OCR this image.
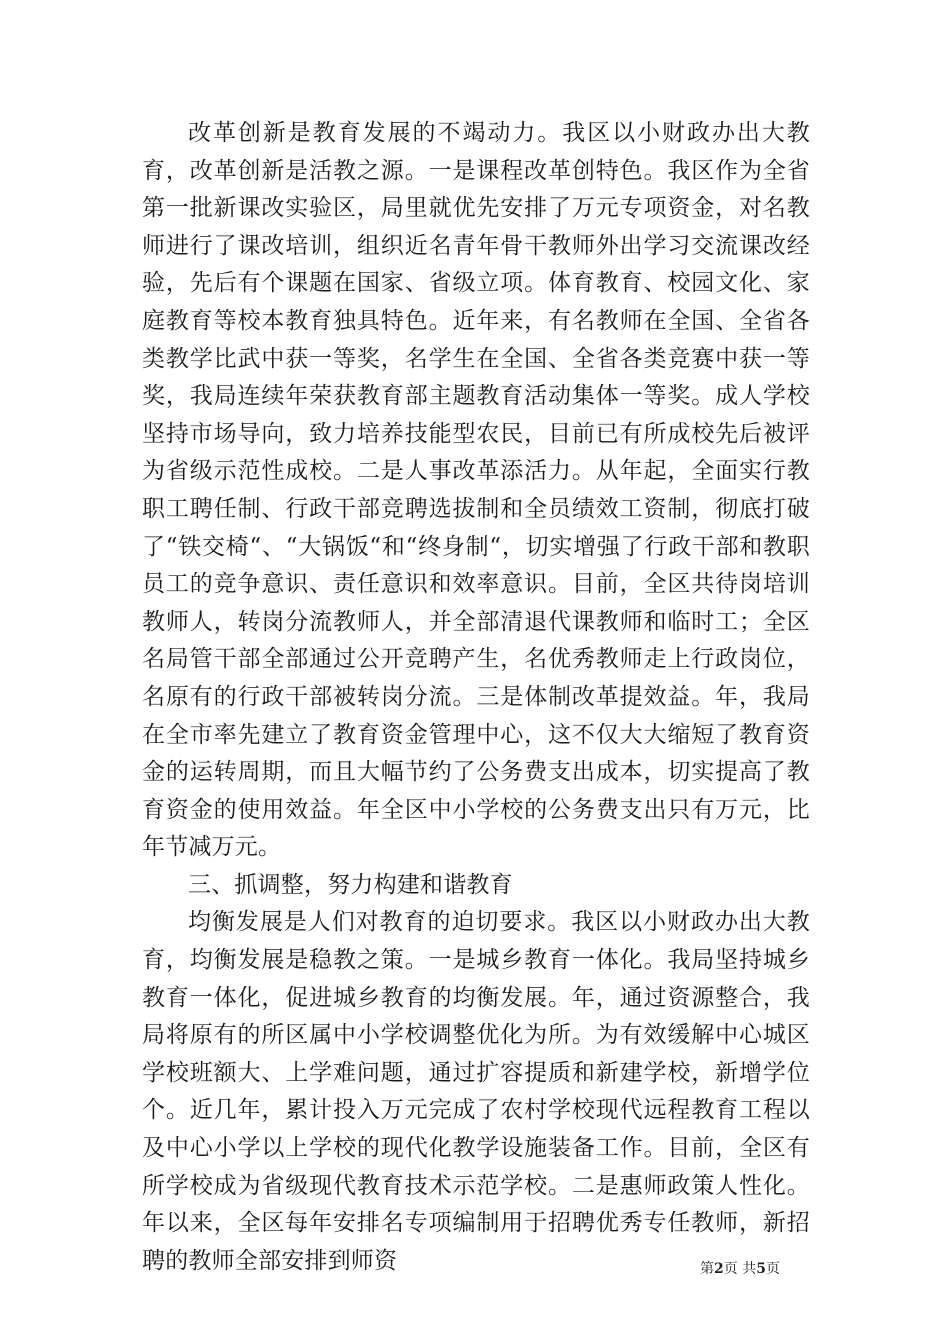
改革创新是教育发展的不竭动力。我区以小财政办出大教育，改革创新是活教之源。一是课程改革创特色。我区作为全省第一批新课改实验区，局里就优先安排了万元专项资金，对名教师进行了课改培训，组织近名青年骨干教师外出学习交流课改经验，先后有个课题在国家、省级立项。体育教育、校园文化、家庭教育等校本教育独具特色。近年来，有名教师在全国、全省各类教学比武中获一等奖，名学生在全国、全省各类竞赛中获一等奖，我局连续年荣获教育部主题教育活动集体一等奖。成人学校坚持市场导向，致力培养技能型农民，目前已有所成校先后被评为省级示范性成校。二是人事改革添活力。从年起，全面实行教职工聘任制、行政干部竞聘选拔制和全员绩效工资制，彻底打破了“铁交椅“、“大锅饭“和“终身制“，切实增强了行政干部和教职员工的竞争意识、责任意识和效率意识。目前，全区共待岗培训教师人，转岗分流教师人，并全部清退代课教师和临时工；全区名局管干部全部通过公开竞聘产生，名优秀教师走上行政岗位，名原有的行政干部被转岗分流。三是体制改革提效益。年，我局在全市率先建立了教育资金管理中心，这不仅大大缩短了教育资金的运转周期，而且大幅节约了公务费支出成本，切实提高了教育资金的使用效益。年全区中小学校的公务费支出只有万元，比年节减万元。

三、抓调整，努力构建和谐教育

均衡发展是人们对教育的迫切要求。我区以小财政办出大教育，均衡发展是稳教之策。一是城乡教育一体化。我局坚持城乡教育一体化，促进城乡教育的均衡发展。年，通过资源整合，我局将原有的所区属中小学校调整优化为所。为有效缓解中心城区学校班额大、上学难问题，通过扩容提质和新建学校，新增学位个。近几年，累计投入万元完成了农村学校现代远程教育工程以及中心小学以上学校的现代化教学设施装备工作。目前，全区有所学校成为省级现代教育技术示范学校。二是惠师政策人性化。年以来，全区每年安排名专项编制用于招聘优秀专任教师，新招聘的教师全部安排到师资	第2页 共5页
